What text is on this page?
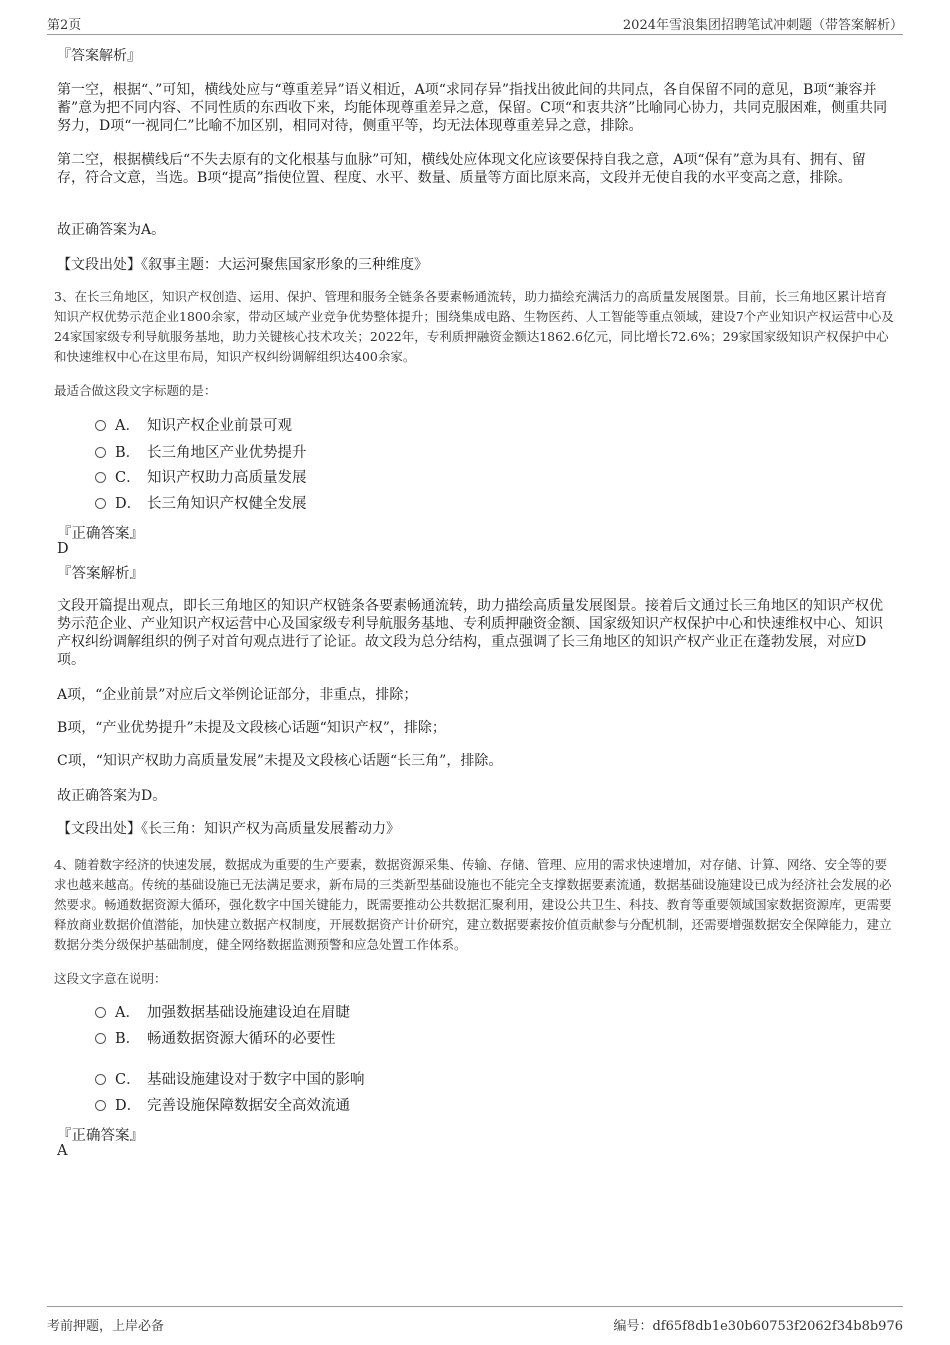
第2页	2024年雪浪集团招聘笔试冲刺题（带答案解析）
『答案解析』
第一空，根据“、”可知，横线处应与“尊重差异”语义相近，A项“求同存异”指找出彼此间的共同点，各自保留不同的意见，B项“兼容并蓄”意为把不同内容、不同性质的东西收下来，均能体现尊重差异之意，保留。C项“和衷共济”比喻同心协力，共同克服困难，侧重共同努力，D项“一视同仁”比喻不加区别，相同对待，侧重平等，均无法体现尊重差异之意，排除。
第二空，根据横线后“不失去原有的文化根基与血脉”可知，横线处应体现文化应该要保持自我之意，A项“保有”意为具有、拥有、留存，符合文意，当选。B项“提高”指使位置、程度、水平、数量、质量等方面比原来高，文段并无使自我的水平变高之意，排除。
故正确答案为A。
【文段出处】《叙事主题：大运河聚焦国家形象的三种维度》
3、在长三角地区，知识产权创造、运用、保护、管理和服务全链条各要素畅通流转，助力描绘充满活力的高质量发展图景。目前，长三角地区累计培育知识产权优势示范企业1800余家，带动区域产业竞争优势整体提升；围绕集成电路、生物医药、人工智能等重点领域，建设7个产业知识产权运营中心及24家国家级专利导航服务基地，助力关键核心技术攻关；2022年，专利质押融资金额达1862.6亿元，同比增长72.6%；29家国家级知识产权保护中心和快速维权中心在这里布局，知识产权纠纷调解组织达400余家。
最适合做这段文字标题的是：
A． 知识产权企业前景可观
B． 长三角地区产业优势提升
C． 知识产权助力高质量发展
D． 长三角知识产权健全发展
『正确答案』
D
『答案解析』
文段开篇提出观点，即长三角地区的知识产权链条各要素畅通流转，助力描绘高质量发展图景。接着后文通过长三角地区的知识产权优势示范企业、产业知识产权运营中心及国家级专利导航服务基地、专利质押融资金额、国家级知识产权保护中心和快速维权中心、知识产权纠纷调解组织的例子对首句观点进行了论证。故文段为总分结构，重点强调了长三角地区的知识产权产业正在蓬勃发展，对应D项。
A项，“企业前景”对应后文举例论证部分，非重点，排除；
B项，“产业优势提升”未提及文段核心话题“知识产权”，排除；
C项，“知识产权助力高质量发展”未提及文段核心话题“长三角”，排除。
故正确答案为D。
【文段出处】《长三角：知识产权为高质量发展蓄动力》
4、随着数字经济的快速发展，数据成为重要的生产要素，数据资源采集、传输、存储、管理、应用的需求快速增加，对存储、计算、网络、安全等的要求也越来越高。传统的基础设施已无法满足要求，新布局的三类新型基础设施也不能完全支撑数据要素流通，数据基础设施建设已成为经济社会发展的必然要求。畅通数据资源大循环，强化数字中国关键能力，既需要推动公共数据汇聚利用，建设公共卫生、科技、教育等重要领域国家数据资源库，更需要释放商业数据价值潜能，加快建立数据产权制度，开展数据资产计价研究，建立数据要素按价值贡献参与分配机制，还需要增强数据安全保障能力，建立数据分类分级保护基础制度，健全网络数据监测预警和应急处置工作体系。
这段文字意在说明：
A． 加强数据基础设施建设迫在眉睫
B． 畅通数据资源大循环的必要性
C． 基础设施建设对于数字中国的影响
D． 完善设施保障数据安全高效流通
『正确答案』
A
考前押题，上岸必备	编号：df65f8db1e30b60753f2062f34b8b976
